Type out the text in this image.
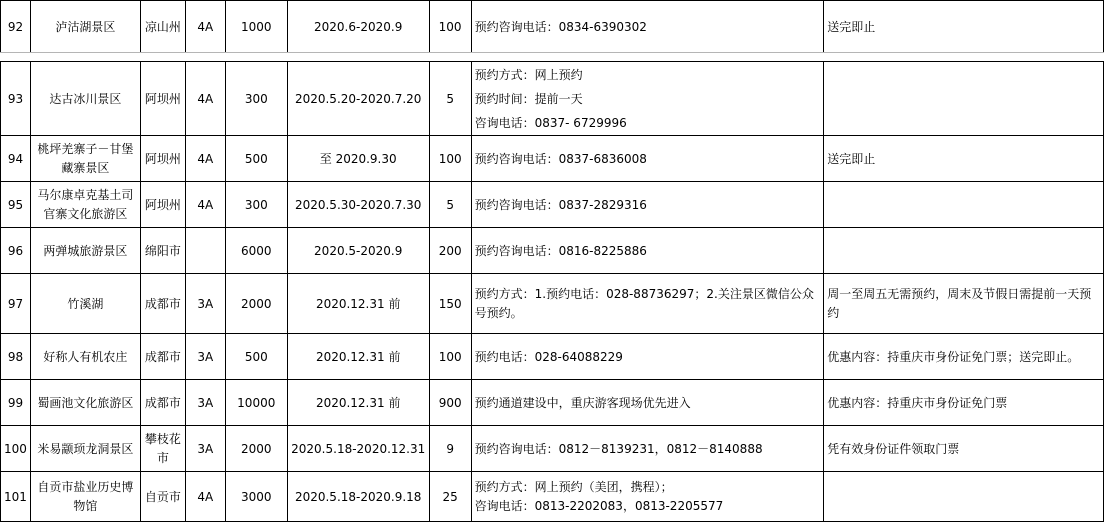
92	泸沽湖景区	凉山州	4A	1000	2020.6-2020.9	100	预约咨询电话：0834-6390302	送完即止
93	达古冰川景区	阿坝州	4A	300	2020.5.20-2020.7.20	5	预约方式：网上预约
预约时间：提前一天
咨询电话：0837- 6729996	

94	桃坪羌寨子－甘堡藏寨景区	阿坝州	4A	500	至 2020.9.30	100	预约咨询电话：0837-6836008	送完即止
95	马尔康卓克基土司官寨文化旅游区	阿坝州	4A	300	2020.5.30-2020.7.30	5	预约咨询电话：0837-2829316	

96	两弹城旅游景区	绵阳市		6000	2020.5-2020.9	200	预约咨询电话：0816-8225886	

97	竹溪湖	成都市	3A	2000	2020.12.31 前	150	预约方式：1.预约电话：028-88736297；2.关注景区微信公众号预约。	周一至周五无需预约，周末及节假日需提前一天预约
98	好称人有机农庄	成都市	3A	500	2020.12.31 前	100	预约电话：028-64088229	优惠内容：持重庆市身份证免门票；送完即止。
99	蜀画池文化旅游区	成都市	3A	10000	2020.12.31 前	900	预约通道建设中，重庆游客现场优先进入	优惠内容：持重庆市身份证免门票
100	米易颛顼龙洞景区	攀枝花市	3A	2000	2020.5.18-2020.12.31	9	预约咨询电话：0812－8139231，0812－8140888	凭有效身份证件领取门票
101	自贡市盐业历史博物馆	自贡市	4A	3000	2020.5.18-2020.9.18	25	预约方式：网上预约（美团，携程）；
咨询电话：0813-2202083，0813-2205577	
